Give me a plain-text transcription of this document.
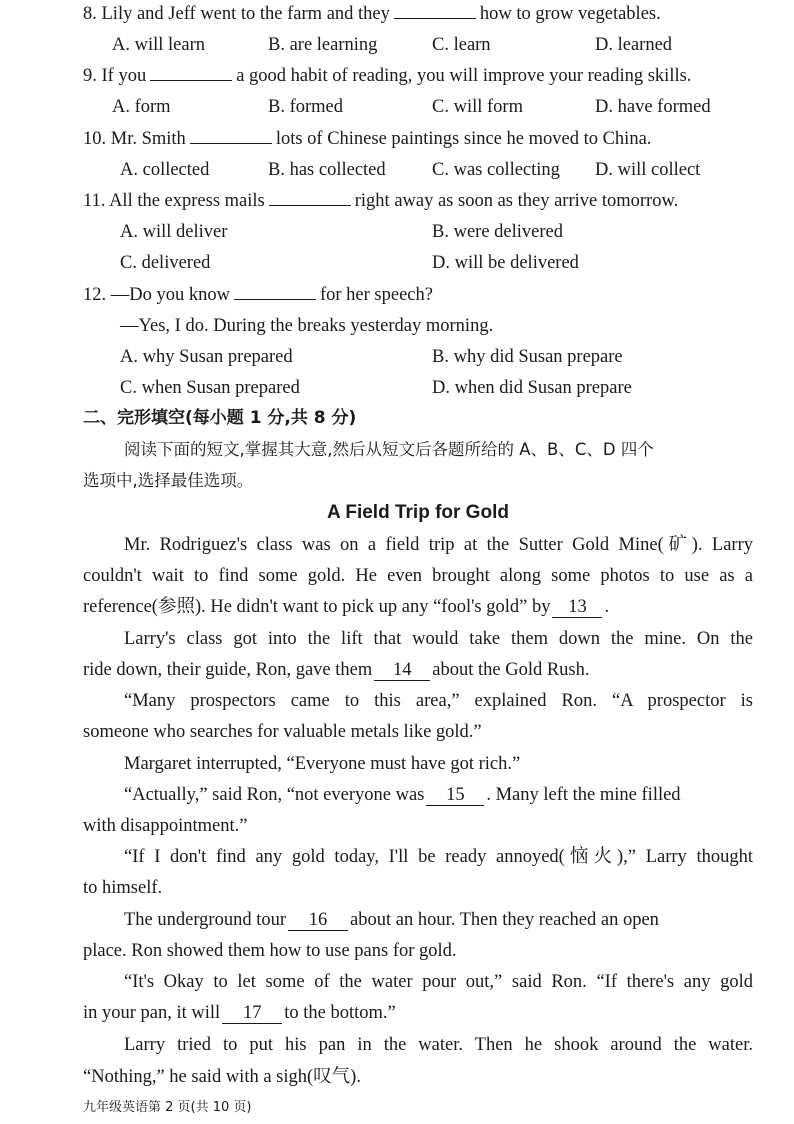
8. Lily and Jeff went to the farm and they	how to grow vegetables.
A. will learn	B. are learning	C. learn	D. learned
9. If you	a good habit of reading, you will improve your reading skills.
A. form	B. formed	C. will form	D. have formed
10. Mr. Smith	lots of Chinese paintings since he moved to China.
A. collected	B. has collected	C. was collecting D. will collect
11. All the express mails	right away as soon as they arrive tomorrow.
A. will deliver	B. were delivered
C. delivered	D. will be delivered
12. —Do you know	for her speech?
—Yes, I do. During the breaks yesterday morning.
A. why Susan prepared	B. why did Susan prepare
C. when Susan prepared	D. when did Susan prepare
二、完形填空(每小题 1 分,共 8 分)
阅读下面的短文,掌握其大意,然后从短文后各题所给的 A、B、C、D 四个
选项中,选择最佳选项。
A Field Trip for Gold
Mr. Rodriguez's class was on a field trip at the Sutter Gold Mine(矿). Larry
couldn't wait to find some gold. He even brought along some photos to use as a
reference(参照). He didn't want to pick up any “fool's gold” by 13 .
Larry's class got into the lift that would take them down the mine. On the
ride down, their guide, Ron, gave them 14 about the Gold Rush.
“Many prospectors came to this area,” explained Ron. “A prospector is
someone who searches for valuable metals like gold.”
Margaret interrupted, “Everyone must have got rich.”
“Actually,” said Ron, “not everyone was 15 . Many left the mine filled
with disappointment.”
“If I don't find any gold today, I'll be ready annoyed(恼火),” Larry thought
to himself.
The underground tour 16 about an hour. Then they reached an open
place. Ron showed them how to use pans for gold.
“It's Okay to let some of the water pour out,” said Ron. “If there's any gold
in your pan, it will 17 to the bottom.”
Larry tried to put his pan in the water. Then he shook around the water.
“Nothing,” he said with a sigh(叹气).
九年级英语第 2 页(共 10 页)
